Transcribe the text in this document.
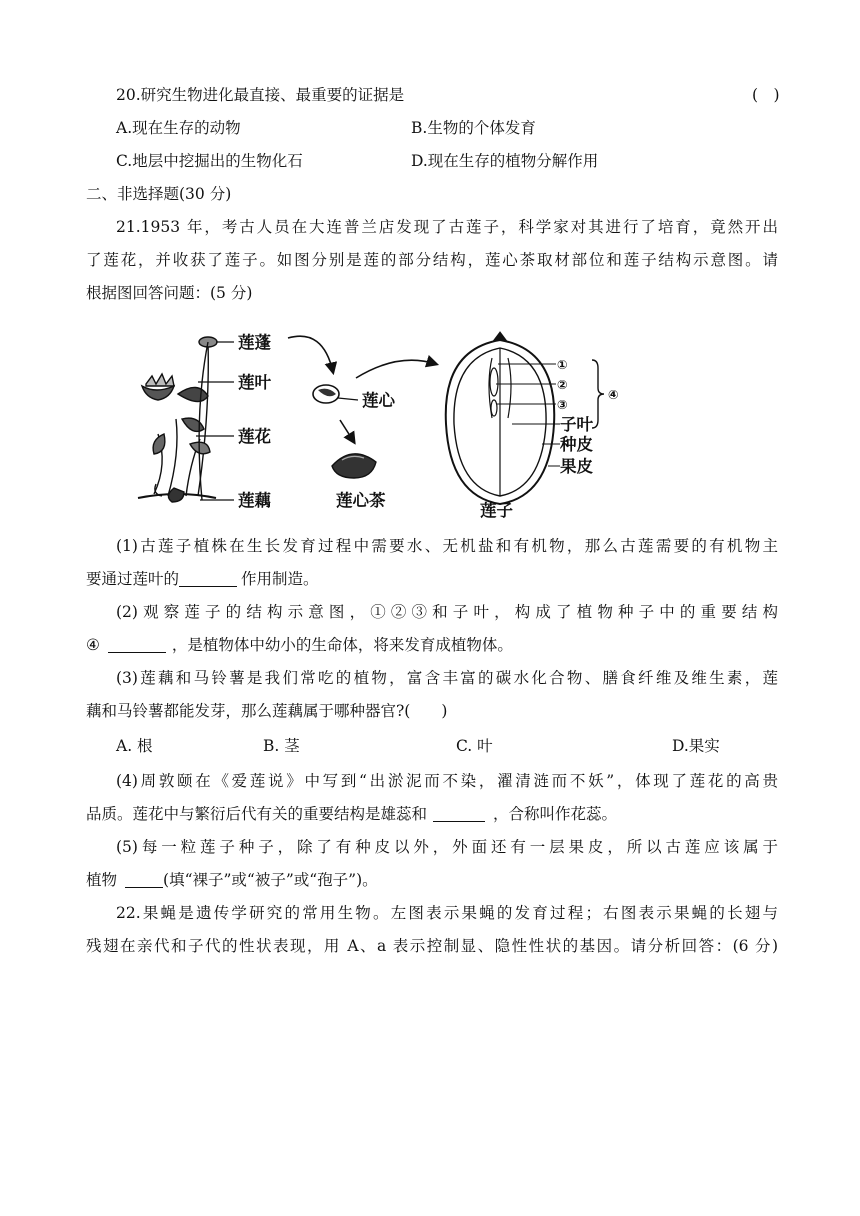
20.研究生物进化最直接、最重要的证据是	(　)
A.现在生存的动物	B.生物的个体发育
C.地层中挖掘出的生物化石	D.现在生存的植物分解作用
二、非选择题(30 分)
21.1953 年，考古人员在大连普兰店发现了古莲子，科学家对其进行了培育，竟然开出
了莲花，并收获了莲子。如图分别是莲的部分结构，莲心茶取材部位和莲子结构示意图。请
根据图回答问题：(5 分)
莲蓬
莲叶
莲花
莲藕
莲心
莲心茶
①
②
③
④
子叶
种皮
果皮
莲子
(1)古莲子植株在生长发育过程中需要水、无机盐和有机物，那么古莲需要的有机物主
要通过莲叶的	作用制造。
(2)观察莲子的结构示意图，①②③和子叶，构成了植物种子中的重要结构
④	，是植物体中幼小的生命体，将来发育成植物体。
(3)莲藕和马铃薯是我们常吃的植物，富含丰富的碳水化合物、膳食纤维及维生素，莲
藕和马铃薯都能发芽，那么莲藕属于哪种器官?(　　)
A. 根	B. 茎	C. 叶	D.果实
(4)周敦颐在《爱莲说》中写到“出淤泥而不染，濯清涟而不妖”，体现了莲花的高贵
品质。莲花中与繁衍后代有关的重要结构是雄蕊和	，合称叫作花蕊。
(5)每一粒莲子种子，除了有种皮以外，外面还有一层果皮，所以古莲应该属于
植物	(填“裸子”或“被子”或“孢子”)。
22.果蝇是遗传学研究的常用生物。左图表示果蝇的发育过程；右图表示果蝇的长翅与
残翅在亲代和子代的性状表现，用 A、a 表示控制显、隐性性状的基因。请分析回答：(6 分)
